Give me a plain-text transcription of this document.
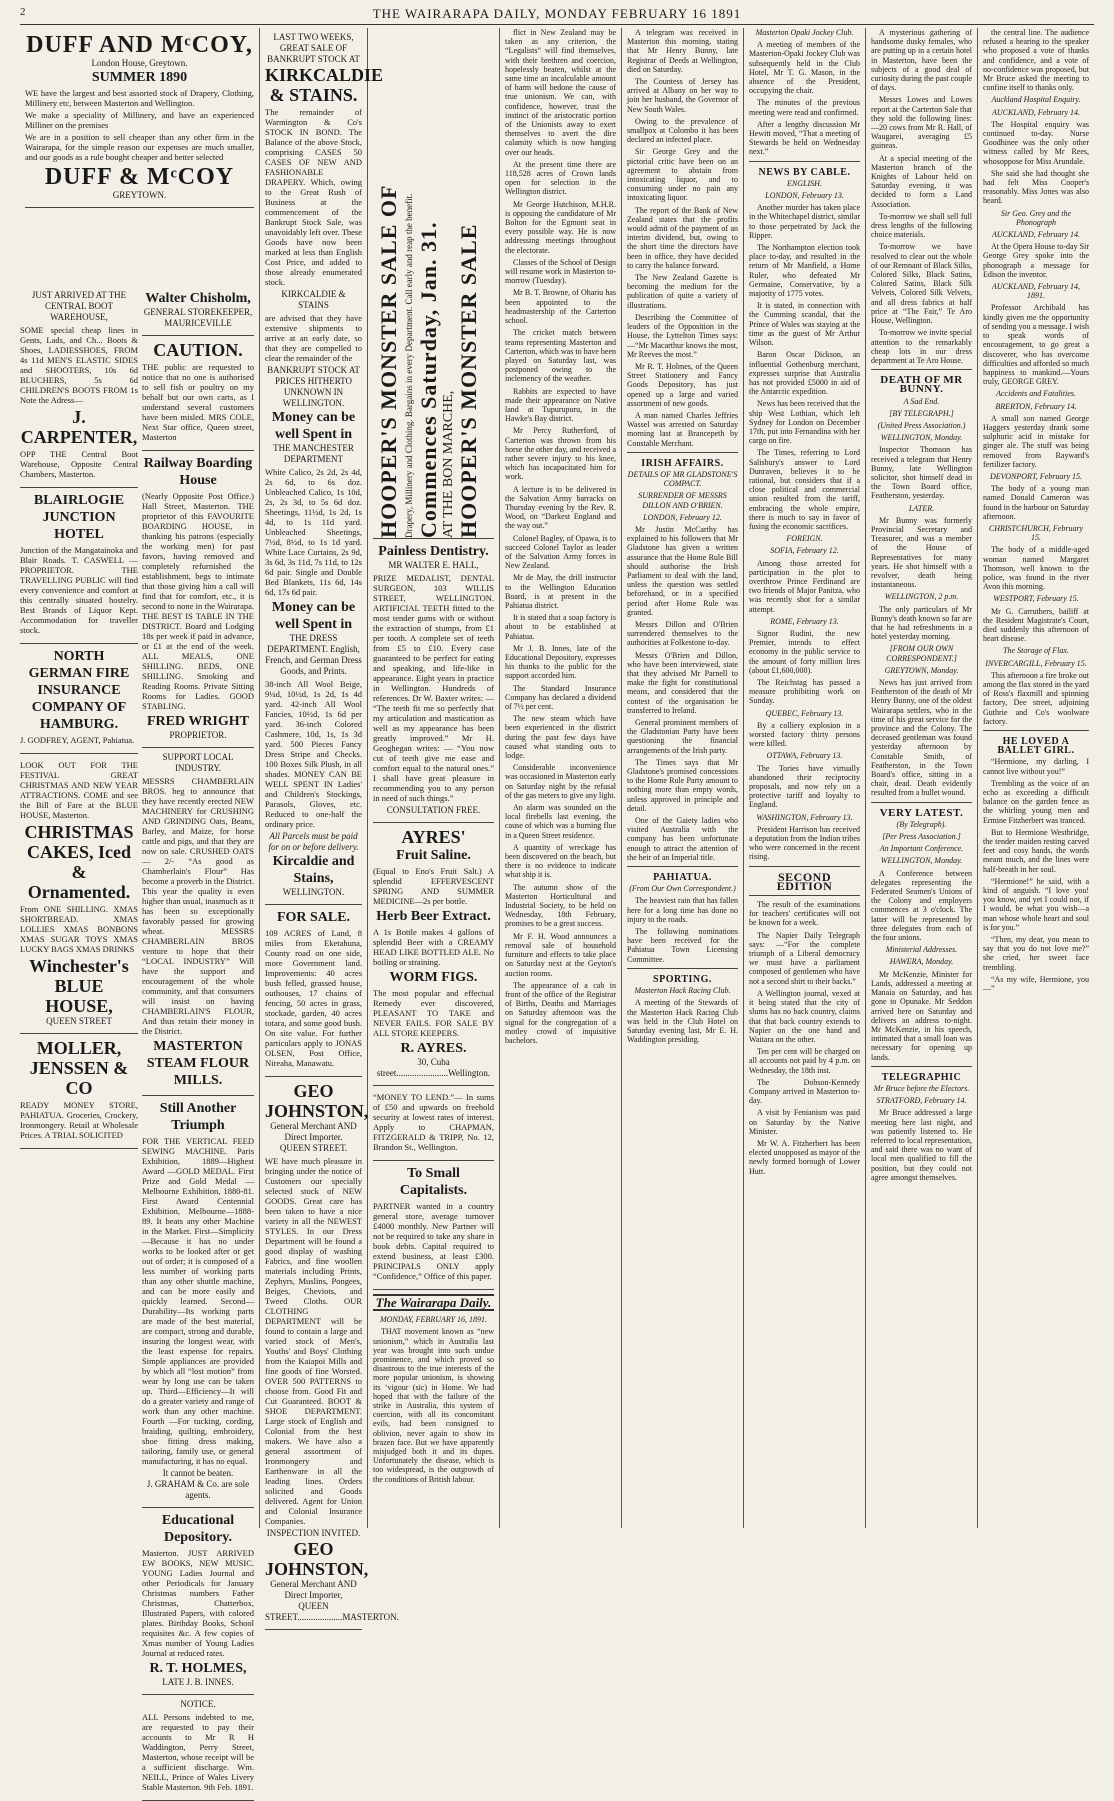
2	THE WAIRARAPA DAILY, MONDAY FEBRUARY 16 1891
DUFF AND MᶜCOY,
London House, Greytown.
SUMMER 1890

WE have the largest and best assorted stock of Drapery, Clothing, Millinery etc, between Masterton and Wellington.

We make a speciality of Millinery, and have an experienced Milliner on the premises

We are in a position to sell cheaper than any other firm in the Wairarapa, for the simple reason our expenses are much smaller, and our goods as a rule bought cheaper and better selected

DUFF & MᶜCOY
GREYTOWN.
JUST ARRIVED AT THE CENTRAL BOOT WAREHOUSE,

SOME special cheap lines in Gents, Lads, and Ch... Boots & Shoes, LADIESSHOES, FROM 4s 11d MEN'S ELASTIC SIDES and SHOOTERS, 10s 6d BLUCHERS, 5s 6d CHILDREN'S BOOTS FROM 1s Note the Adress—

J. CARPENTER,

OPP THE Central Boot Warehouse, Opposite Central Chambers, Masterton.

BLAIRLOGIE JUNCTION HOTEL

Junction of the Mangatainoka and Blair Roads. T. CASWELL — PROPRIETOR. THE TRAVELLING PUBLIC will find every convenience and comfort at this centrally situated hostelry. Best Brands of Liquor Kept. Accommodation for traveller stock.

NORTH GERMAN FIRE INSURANCE COMPANY OF HAMBURG.

J. GODFREY, AGENT, Pahiatua.

LOOK OUT FOR THE FESTIVAL GREAT CHRISTMAS AND NEW YEAR ATTRACTIONS. COME and see the Bill of Fare at the BLUE HOUSE, Masterton.

CHRISTMAS CAKES, Iced & Ornamented.

From ONE SHILLING. XMAS SHORTBREAD. XMAS LOLLIES XMAS BONBONS XMAS SUGAR TOYS XMAS LUCKY BAGS XMAS DRINKS

Winchester's BLUE HOUSE,
QUEEN STREET
MOLLER, JENSSEN & CO

READY MONEY STORE, PAHIATUA. Groceries, Crockery, Ironmongery. Retail at Wholesale Prices. A TRIAL SOLICITED

Walter Chisholm,
GENERAL STOREKEEPER, MAURICEVILLE
CAUTION.

THE public are requested to notice that no one is authorised to sell fish or poultry on my behalf but our own carts, as I understand several customers have been misled. MRS COLE, Next Star office, Queen street, Masterton

Railway Boarding House

(Nearly Opposite Post Office.) Hall Street, Masterton. THE proprietor of this FAVOURITE BOARDING HOUSE, in thanking his patrons (especially the working men) for past favors, having removed and completely refurnished the establishment, begs to intimate that those giving him a call will find that for comfort, etc., it is second to none in the Wairarapa. THE BEST IS TABLE IN THE DISTRICT. Board and Lodging 18s per week if paid in advance, or £1 at the end of the week. ALL MEALS, ONE SHILLING. BEDS, ONE SHILLING. Smoking and Reading Rooms. Private Sitting Rooms for Ladies. GOOD STABLING.

FRED WRIGHT
PROPRIETOR.
SUPPORT LOCAL INDUSTRY.

MESSRS CHAMBERLAIN BROS. beg to announce that they have recently erected NEW MACHINERY for CRUSHING AND GRINDING Oats, Beans, Barley, and Maize, for horse cattle and pigs, and that they are now on sale. CRUSHED OATS — 2/- “As good as Chamberlain's Flour” Has become a proverb in the District. This year the quality is even higher than usual, inasmuch as it has been so exceptionally favorably passed for growing wheat. MESSRS CHAMBERLAIN BROS venture to hope that their “LOCAL INDUSTRY” Will have the support and encouragement of the whole community, and that consumers will insist on having CHAMBERLAIN'S FLOUR, And thus retain their money in the District.

MASTERTON STEAM FLOUR MILLS.
Still Another Triumph

FOR THE VERTICAL FEED SEWING MACHINE. Paris Exhibition, 1889—Highest Award —GOLD MEDAL. First Prize and Gold Medal — Melbourne Exhibition, 1880-81. First Award Centennial Exhibition, Melbourne—1888-89. It beats any other Machine in the Market. First—Simplicity—Because it has no under works to be looked after or get out of order; it is composed of a less number of working parts than any other shuttle machine, and can be more easily and quickly learned. Second—Durability—Its working parts are made of the best material, are compact, strong and durable, insuring the longest wear, with the least expense for repairs. Simple appliances are provided by which all “lost motion” from wear by long use can be taken up. Third—Efficiency—It will do a greater variety and range of work than any other machine. Fourth —For tucking, cording, braiding, quilting, embroidery, shoe fitting dress making, tailoring, family use, or general manufacturing, it has no equal.

It cannot be beaten.
J. GRAHAM & Co. are sole agents.
Educational Depository.

Masterton. JUST ARRIVED EW BOOKS, NEW MUSIC. YOUNG Ladies Journal and other Periodicals for January Christmas numbers Father Christmas, Chatterbox, Illustrated Papers, with colored plates. Birthday Books, School requisites &c. A few copies of Xmas number of Young Ladies Journal at reduced rates.

R. T. HOLMES,
LATE J. B. INNES.
NOTICE.

ALL Persons indebted to me, are requested to pay their accounts to Mr R H Waddington, Perry Street, Masterton, whose receipt will be a sufficient discharge. Wm. NEILL, Prince of Wales Livery Stable Masterton. 9th Feb. 1891.

LAST TWO WEEKS, GREAT SALE OF BANKRUPT STOCK AT
KIRKCALDIE & STAINS.

The remainder of Warmington & Co's STOCK IN BOND. The Balance of the above Stock, comprising CASES 50 CASES OF NEW AND FASHIONABLE DRAPERY. Which, owing to the Great Rush of Business at the commencement of the Bankrupt Stock Sale, was unavoidably left over. These Goods have now been marked at less than English Cost Price, and added to those already enumerated stock.

KIRKCALDIE & STAINS

are advised that they have extensive shipments to arrive at an early date, so that they are compelled to clear the remainder of the

BANKRUPT STOCK AT PRICES HITHERTO UNKNOWN IN WELLINGTON.
Money can be well Spent in
THE MANCHESTER DEPARTMENT

White Calico, 2s 2d, 2s 4d, 2s 6d, to 6s doz. Unbleached Calico, 1s 10d, 2s, 2s 3d, to 5s 6d doz. Sheetings, 11½d, 1s 2d, 1s 4d, to 1s 11d yard. Unbleached Sheetings, 7½d, 8½d, to 1s 1d yard. White Lace Curtains, 2s 9d, 3s 6d, 3s 11d, 7s 11d, to 12s 6d pair. Single and Double Bed Blankets, 11s 6d, 14s 6d, 17s 6d pair.

Money can be well Spent in
THE DRESS DEPARTMENT. English, French, and German Dress Goods, and Prints.

38-inch All Wool Beige, 9¼d, 10½d, 1s 2d, 1s 4d yard. 42-inch All Wool Fancies, 10½d, 1s 6d per yard. 36-inch Colored Cashmere, 10d, 1s, 1s 3d yard. 500 Pieces Fancy Dress Stripe and Checks. 100 Boxes Silk Plush, in all shades. MONEY CAN BE WELL SPENT IN Ladies' and Children's Stockings, Parasols, Gloves, etc. Reduced to one-half the ordinary price.

All Parcels must be paid for on or before delivery.
Kircaldie and Stains,
WELLINGTON.
FOR SALE.

109 ACRES of Land, 8 miles from Eketahuna, County road on one side, more Government land. Improvements: 40 acres bush felled, grassed house, outhouses, 17 chains of fencing, 50 acres in grass, stockade, garden, 40 acres totara, and some good bush. On site value. For further particulars apply to JONAS OLSEN, Post Office, Nireaha, Manawatu.

GEO JOHNSTON,
General Merchant AND Direct Importer.
QUEEN STREET.

WE have much pleasure in bringing under the notice of Customers our specially selected stock of NEW GOODS. Great care has been taken to have a nice variety in all the NEWEST STYLES. In our Dress Department will be found a good display of washing Fabrics, and fine woollen materials including Prints, Zephyrs, Muslins, Pongees, Beiges, Cheviots, and Tweed Cloths. OUR CLOTHING DEPARTMENT will be found to contain a large and varied stock of Men's, Youths' and Boys' Clothing from the Kaiapoi Mills and fine goods of fine Worsted. OVER 500 PATTERNS to choose from. Good Fit and Cut Guaranteed. BOOT & SHOE DEPARTMENT. Large stock of English and Colonial from the best makers. We have also a general assortment of Ironmongery and Earthenware in all the leading lines. Orders solicited and Goods delivered. Agent for Union and Colonial Insurance Companies.

INSPECTION INVITED.
GEO JOHNSTON,
General Merchant AND Direct Importer,
QUEEN STREET....................MASTERTON.
HOOPER'S MONSTER SALE OF Drapery, Millinery and Clothing. Bargains in every Department. Call early and reap the benefit. Commences Saturday, Jan. 31. AT THE BON MARCHE, HOOPER'S MONSTER SALE
Painless Dentistry.
MR WALTER E. HALL,

PRIZE MEDALIST, DENTAL SURGEON, 103 WILLIS STREET, WELLINGTON. ARTIFICIAL TEETH fitted to the most tender gums with or without the extraction of stumps, from £1 per tooth. A complete set of teeth from £5 to £10. Every case guaranteed to be perfect for eating and speaking, and life-like in appearance. Eight years in practice in Wellington. Hundreds of references. Dr W. Baxter writes: — “The teeth fit me so perfectly that my articulation and mastication as well as my appearance has been greatly improved.” Mr H. Geoghegan writes: — “You now cut of teeth give me ease and comfort equal to the natural ones.” I shall have great pleasure in recommending you to any person in need of such things.”

CONSULTATION FREE.
AYRES'
Fruit Saline.

(Equal to Eno's Fruit Salt.) A splendid EFFERVESCENT SPRING AND SUMMER MEDICINE—2s per bottle.

Herb Beer Extract.

A 1s Bottle makes 4 gallons of splendid Beer with a CREAMY HEAD LIKE BOTTLED ALE. No boiling or straining.

WORM FIGS.

The most popular and effectual Remedy ever discovered, PLEASANT TO TAKE and NEVER FAILS. FOR SALE BY ALL STORE KEEPERS.

R. AYRES.
30, Cuba street.......................Wellington.

“MONEY TO LEND.”— In sums of £50 and upwards on freehold security at lowest rates of interest. Apply to CHAPMAN, FITZGERALD & TRIPP, No. 12, Brandon St., Wellington.

To Small Capitalists.

PARTNER wanted in a country general store, average turnover £4000 monthly. New Partner will not be required to take any share in book debts. Capital required to extend business, at least £300. PRINCIPALS ONLY apply “Confidence,” Office of this paper.

The Wairarapa Daily.
MONDAY, FEBRUARY 16, 1891.

THAT movement known as “new unionism,” which in Australia last year was brought into such undue prominence, and which proved so disastrous to the true interests of the more popular unionism, is showing its ‘vigour (sic) in Home. We had hoped that with the failure of the strike in Australia, this system of coercion, with all its concomitant evils, had been consigned to oblivion, never again to show its brazen face. But we have apparently misjudged both it and its dupes. Unfortunately the disease, which is too widespread, is the outgrowth of the conditions of British labour.

flict in New Zealand may be taken as any criterion, the “Legalists” will find themselves, with their brethren and coercion, hopelessly beaten, whilst at the same time an incalculable amount of harm will bedone the cause of true unionism. We can, with confidence, however, trust the instinct of the aristocratic portion of the Unionists away to exert themselves to avert the dire calamity which is now hanging over our heads.

At the present time there are 118,528 acres of Crown lands open for selection in the Wellington district.

Mr George Hutchison, M.H.R. is opposing the candidature of Mr Bolton for the Egmont seat in every possible way. He is now addressing meetings throughout the electorate.

Classes of the School of Design will resume work in Masterton to-morrow (Tuesday).

Mr B. T. Browne, of Ohariu has been appointed to the headmastership of the Carterton school.

The cricket match between teams representing Masterton and Carterton, which was to have been played on Saturday last, was postponed owing to the inclemency of the weather.

Rabbits are expected to have made their appearance on Native land at Tupurupuru, in the Hawke's Bay district.

Mr Percy Rutherford, of Carterton was thrown from his horse the other day, and received a rather severe injury to his knee, which has incapacitated him for work.

A lecture is to be delivered in the Salvation Army barracks on Thursday evening by the Rev. R. Wood, on “Darkest England and the way out.”

Colonel Bagley, of Opawa, is to succeed Colonel Taylor as leader of the Salvation Army forces in New Zealand.

Mr de May, the drill instructor to the Wellington Education Board, is at present in the Pahiatua district.

It is stated that a soap factory is about to be established at Pahiatua.

Mr J. B. Innes, late of the Educational Depository, expresses his thanks to the public for the support accorded him.

The Standard Insurance Company has declared a dividend of 7½ per cent.

The new steam which have been experienced in the district during the past few days have caused what standing oats to lodge.

Considerable inconvenience was occasioned in Masterton early on Saturday night by the refusal of the gas meters to give any light.

An alarm was sounded on the local firebells last evening, the cause of which was a burning flue in a Queen Street residence.

A quantity of wreckage has been discovered on the beach, but there is no evidence to indicate what ship it is.

The autumn show of the Masterton Horticultural and Industrial Society, to be held on Wednesday, 18th February, promises to be a great success.

Mr F. H. Wood announces a removal sale of household furniture and effects to take place on Saturday next at the Geyton's auction rooms.

The appearance of a cab in front of the office of the Registrar of Births, Deaths and Marriages on Saturday afternoon was the signal for the congregation of a motley crowd of inquisitive bachelors.

A telegram was received in Masterton this morning, stating that Mr Henry Bunny, late Registrar of Deeds at Wellington, died on Saturday.

The Countess of Jersey has arrived at Albany on her way to join her husband, the Governor of New South Wales.

Owing to the prevalence of smallpox at Colombo it has been declared an infected place.

Sir George Grey and the pictorial critic have been on an agreement to abstain from intoxicating liquor, and to consuming under no pain any intoxicating liquor.

The report of the Bank of New Zealand states that the profits would admit of the payment of an interim dividend, but, owing to the short time the directors have been in office, they have decided to carry the balance forward.

The New Zealand Gazette is becoming the medium for the publication of quite a variety of illustrations.

Describing the Committee of leaders of the Opposition in the House, the Lyttelton Times says:—“Mr Macarthur knows the most, Mr Reeves the most.”

Mr R. T. Holmes, of the Queen Street Stationery and Fancy Goods Depository, has just opened up a large and varied assortment of new goods.

A man named Charles Jeffries Wassel was arrested on Saturday morning last at Brancepeth by Constable Merchant.

IRISH AFFAIRS.
DETAILS OF MR GLADSTONE'S COMPACT.
SURRENDER OF MESSRS DILLON AND O'BRIEN.
LONDON, February 12.

Mr Justin McCarthy has explained to his followers that Mr Gladstone has given a written assurance that the Home Rule Bill should authorise the Irish Parliament to deal with the land, unless the question was settled beforehand, or in a specified period after Home Rule was granted.

Messrs Dillon and O'Brien surrendered themselves to the authorities at Folkestone to-day.

Messrs O'Brien and Dillon, who have been interviewed, state that they advised Mr Parnell to make the fight for constitutional means, and considered that the contest of the organisation be transferred to Ireland.

General prominent members of the Gladstonian Party have been questioning the financial arrangements of the Irish party.

The Times says that Mr Gladstone's promised concessions to the Home Rule Party amount to nothing more than empty words, unless approved in principle and detail.

One of the Gaiety ladies who visited Australia with the company has been unfortunate enough to attract the attention of the heir of an Imperial title.

PAHIATUA.
(From Our Own Correspondent.)

The heaviest rain that has fallen here for a long time has done no injury to the roads.

The following nominations have been received for the Pahiatua Town Licensing Committee.

SPORTING.
Masterton Hack Racing Club.

A meeting of the Stewards of the Masterton Hack Racing Club was held in the Club Hotel on Saturday evening last, Mr E. H. Waddington presiding.

Masterton Opaki Jockey Club.

A meeting of members of the Masterton-Opaki Jockey Club was subsequently held in the Club Hotel, Mr T. G. Mason, in the absence of the President, occupying the chair.

The minutes of the previous meeting were read and confirmed.

After a lengthy discussion Mr Hewitt moved, “That a meeting of Stewards be held on Wednesday next.”

NEWS BY CABLE.
ENGLISH.
LONDON, February 13.

Another murder has taken place in the Whitechapel district, similar to those perpetrated by Jack the Ripper.

The Northampton election took place to-day, and resulted in the return of Mr Manfield, a Home Ruler, who defeated Mr Germaine, Conservative, by a majority of 1775 votes.

It is stated, in connection with the Cumming scandal, that the Prince of Wales was staying at the time as the guest of Mr Arthur Wilson.

Baron Oscar Dickson, an influential Gothenburg merchant, expresses surprise that Australia has not provided £5000 in aid of the Antarctic expedition.

News has been received that the ship West Lothian, which left Sydney for London on December 17th, put into Fernandina with her cargo on fire.

The Times, referring to Lord Salisbury's answer to Lord Dunraven, believes it to be rational, but considers that if a close political and commercial union resulted from the tariff, embracing the whole empire, there is much to say in favor of fusing the economic sacrifices.

FOREIGN.
SOFIA, February 12.

Among those arrested for participation in the plot to overthrow Prince Ferdinand are two friends of Major Panitza, who was recently shot for a similar attempt.

ROME, February 13.

Signor Rudini, the new Premier, intends to effect economy in the public service to the amount of forty million lires (about £1,600,000).

The Reichstag has passed a measure prohibiting work on Sunday.

QUEBEC, February 13.

By a colliery explosion in a worsted factory thirty persons were killed.

OTTAWA, February 13.

The Tories have virtually abandoned their reciprocity proposals, and now rely on a protective tariff and loyalty to England.

WASHINGTON, February 13.

President Harrison has received a deputation from the Indian tribes who were concerned in the recent rising.

SECOND EDITION

The result of the examinations for teachers' certificates will not be known for a week.

The Napier Daily Telegraph says: —“For the complete triumph of a Liberal democracy we must have a parliament composed of gentlemen who have not a second shirt to their backs.”

A Wellington journal, vexed at it being stated that the city of slums has no back country, claims that that back country extends to Napier on the one hand and Waitara on the other.

Ten per cent will be charged on all accounts not paid by 4 p.m. on Wednesday, the 18th inst.

The Dobson-Kennedy Company arrived in Masterton to-day.

A visit by Fenianism was paid on Saturday by the Native Minister.

Mr W. A. Fitzherbert has been elected unopposed as mayor of the newly formed borough of Lower Hutt.

A mysterious gathering of handsome dusky females, who are putting up in a certain hotel in Masterton, have been the subjects of a good deal of curiosity during the past couple of days.

Messrs Lowes and Lowes report at the Carterton Sale that they sold the following lines:—20 cows from Mr R. Hall, of Waugarei, averaging £5 guineas.

At a special meeting of the Masterton branch of the Knights of Labour held on Saturday evening, it was decided to form a Land Association.

To-morrow we shall sell full dress lengths of the following choice materials.

To-morrow we have resolved to clear out the whole of our Remnant of Black Silks, Colored Silks, Black Satins, Colored Satins, Black Silk Velvets, Colored Silk Velvets, and all dress fabrics at half price at “The Fair,” Te Aro House, Wellington.

To-morrow we invite special attention to the remarkably cheap lots in our dress department at Te Aro House.

DEATH OF MR BUNNY.
A Sad End.
[BY TELEGRAPH.]
(United Press Association.)
WELLINGTON, Monday.

Inspector Thomson has received a telegram that Henry Bunny, late Wellington solicitor, shot himself dead in the Town Board office, Featherston, yesterday.

LATER.

Mr Bunny was formerly Provincial Secretary and Treasurer, and was a member of the House of Representatives for many years. He shot himself with a revolver, death being instantaneous.

WELLINGTON, 2 p.m.

The only particulars of Mr Bunny's death known so far are that he had refreshments in a hotel yesterday morning.

[FROM OUR OWN CORRESPONDENT.]
GREYTOWN, Monday.

News has just arrived from Featherston of the death of Mr Henry Bunny, one of the oldest Wairarapa settlers, who in the time of his great service for the province and the Colony. The deceased gentleman was found yesterday afternoon by Constable Smith, of Featherston, in the Town Board's office, sitting in a chair, dead. Death evidently resulted from a bullet wound.

VERY LATEST.
(By Telegraph).
[Per Press Association.]
An Important Conference.
WELLINGTON, Monday.

A Conference between delegates representing the Federated Seamen's Unions of the Colony and employers commences at 3 o'clock. The latter will be represented by three delegates from each of the four unions.

Ministerial Addresses.
HAWERA, Monday.

Mr McKenzie, Minister for Lands, addressed a meeting at Manaia on Saturday, and has gone to Opunake. Mr Seddon arrived here on Saturday and delivers an address to-night. Mr McKenzie, in his speech, intimated that a small loan was necessary for opening up lands.

TELEGRAPHIC
Mr Bruce before the Electors.
STRATFORD, February 14.

Mr Bruce addressed a large meeting here last night, and was patiently listened to. He referred to local representation, and said there was no want of local men qualified to fill the position, but they could not agree amongst themselves.

the central line. The audience refused a hearing to the speaker who proposed a vote of thanks and confidence, and a vote of no-confidence was proposed, but Mr Bruce asked the meeting to confine itself to thanks only.

Auckland Hospital Enquiry.
AUCKLAND, February 14.

The Hospital enquiry was continued to-day. Nurse Goodhinee was the only other witness called by Mr Rees, whosoppose for Miss Arundale.

She said she had thought she had felt Miss Cooper's reasonably. Miss Jones was also heard.

Sir Geo. Grey and the Phonograph
AUCKLAND, February 14.

At the Opera House to-day Sir George Grey spoke into the phonograph a message for Edison the inventor.

AUCKLAND, February 14, 1891.

Professor Archibald has kindly given me the opportunity of sending you a message. I wish to speak words of encouragement, to go great a discoverer, who has overcome difficulties and afforded so much happiness to mankind.—Yours truly, GEORGE GREY.

Accidents and Fatalities.
BRERTON, February 14.

A small son named George Haggers yesterday drank some sulphuric acid in mistake for ginger ale. The stuff was being removed from Rayward's fertilizer factory.

DEVONPORT, February 15.

The body of a young man named Donald Cameron was found in the harbour on Saturday afternoon.

CHRISTCHURCH, February 15.

The body of a middle-aged woman named Margaret Thomson, well known to the police, was found in the river Avon this morning.

WESTPORT, February 15.

Mr G. Carruthers, bailiff at the Resident Magistrate's Court, died suddenly this afternoon of heart disease.

The Storage of Flax.
INVERCARGILL, February 15.

This afternoon a fire broke out among the flax stored in the yard of Ross's flaxmill and spinning factory, Dee street, adjoining Guthrie and Co's woolware factory.

HE LOVED A BALLET GIRL.

“Hermione, my darling, I cannot live without you!”

Trembling as the voice of an echo as exceeding a difficult balance on the garden fence as the whirling young men and Ermine Fitzherbert was tranced.

But to Hermione Westbridge, the tender maiden resting carved feet and cosy hands, the words meant much, and the lines were half-breath in her soul.

“Hermione!” he said, with a kind of anguish. “I love you! you know, and yet I could not, if I would, be what you wish—a man whose whole heart and soul is for you.”

“Then, my dear, you mean to say that you do not love me?” she cried, her sweet face trembling.

“As my wife, Hermione, you—”
